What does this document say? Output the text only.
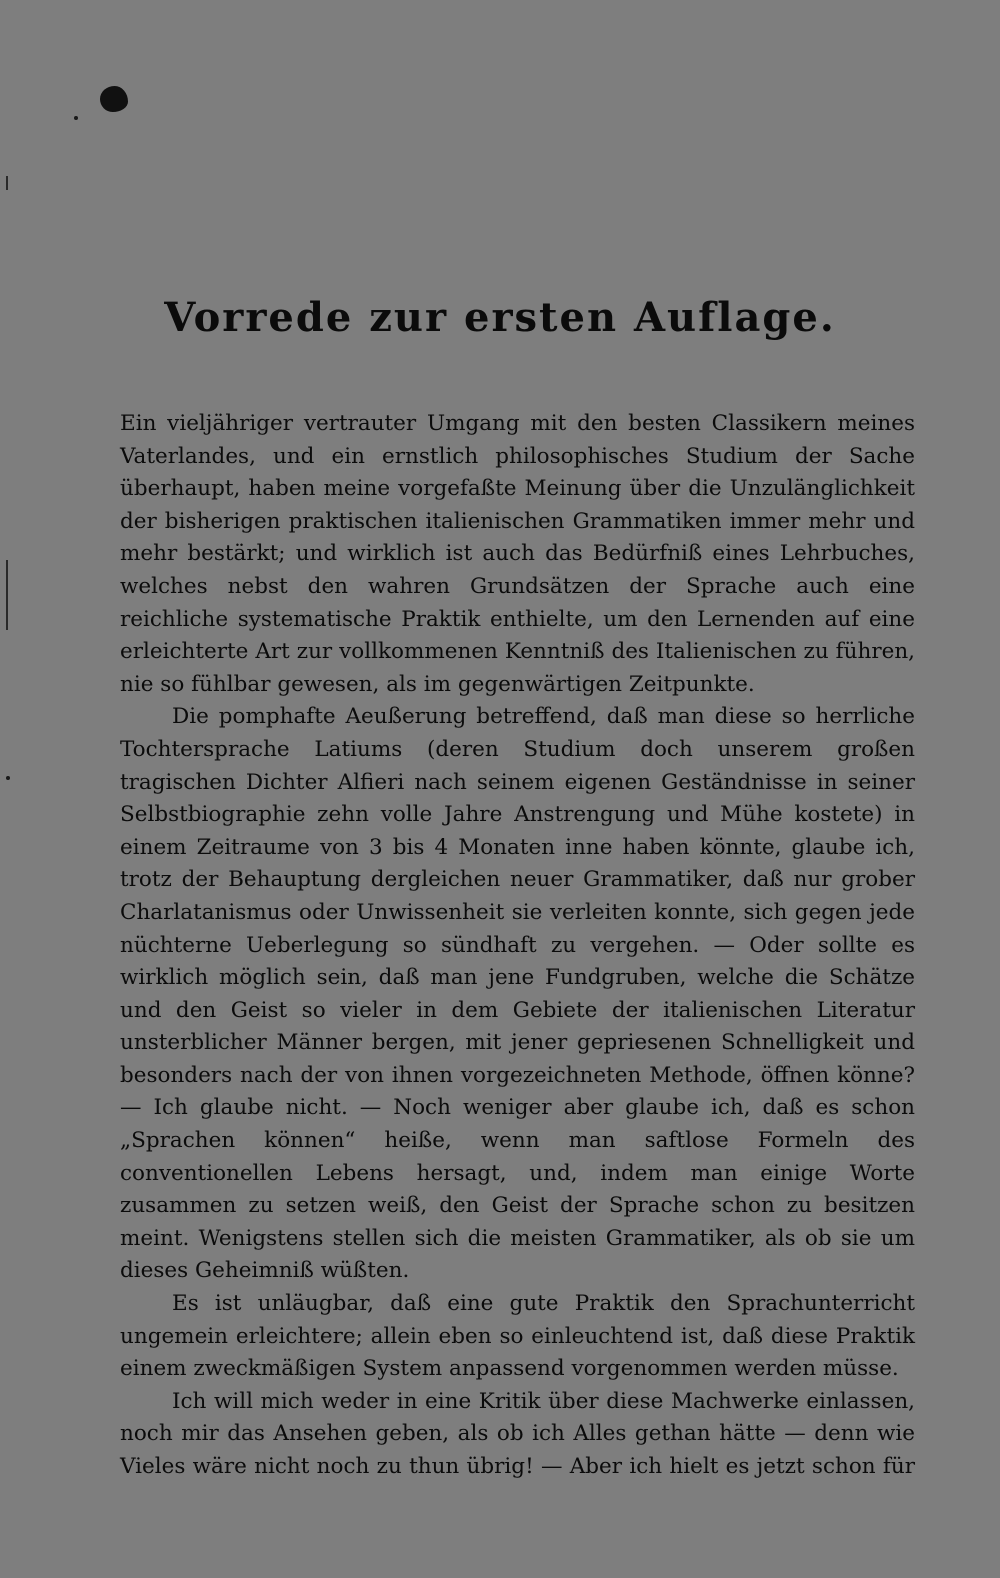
Vorrede zur ersten Auflage.

Ein vieljähriger vertrauter Umgang mit den besten Classikern meines Vaterlandes, und ein ernstlich philosophisches Studium der Sache überhaupt, haben meine vorgefaßte Meinung über die Unzulänglichkeit der bisherigen praktischen italienischen Grammatiken immer mehr und mehr bestärkt; und wirklich ist auch das Bedürfniß eines Lehrbuches, welches nebst den wahren Grundsätzen der Sprache auch eine reichliche systematische Praktik enthielte, um den Lernenden auf eine erleichterte Art zur vollkommenen Kenntniß des Italienischen zu führen, nie so fühlbar gewesen, als im gegenwärtigen Zeitpunkte.

Die pomphafte Aeußerung betreffend, daß man diese so herrliche Tochtersprache Latiums (deren Studium doch unserem großen tragischen Dichter Alfieri nach seinem eigenen Geständnisse in seiner Selbstbiographie zehn volle Jahre Anstrengung und Mühe kostete) in einem Zeitraume von 3 bis 4 Monaten inne haben könnte, glaube ich, trotz der Behauptung dergleichen neuer Grammatiker, daß nur grober Charlatanismus oder Unwissenheit sie verleiten konnte, sich gegen jede nüchterne Ueberlegung so sündhaft zu vergehen. — Oder sollte es wirklich möglich sein, daß man jene Fundgruben, welche die Schätze und den Geist so vieler in dem Gebiete der italienischen Literatur unsterblicher Männer bergen, mit jener gepriesenen Schnelligkeit und besonders nach der von ihnen vorgezeichneten Methode, öffnen könne? — Ich glaube nicht. — Noch weniger aber glaube ich, daß es schon „Sprachen können“ heiße, wenn man saftlose Formeln des conventionellen Lebens hersagt, und, indem man einige Worte zusammen zu setzen weiß, den Geist der Sprache schon zu besitzen meint. Wenigstens stellen sich die meisten Grammatiker, als ob sie um dieses Geheimniß wüßten.

Es ist unläugbar, daß eine gute Praktik den Sprachunterricht ungemein erleichtere; allein eben so einleuchtend ist, daß diese Praktik einem zweckmäßigen System anpassend vorgenommen werden müsse.

Ich will mich weder in eine Kritik über diese Machwerke einlassen, noch mir das Ansehen geben, als ob ich Alles gethan hätte — denn wie Vieles wäre nicht noch zu thun übrig! — Aber ich hielt es jetzt schon für
